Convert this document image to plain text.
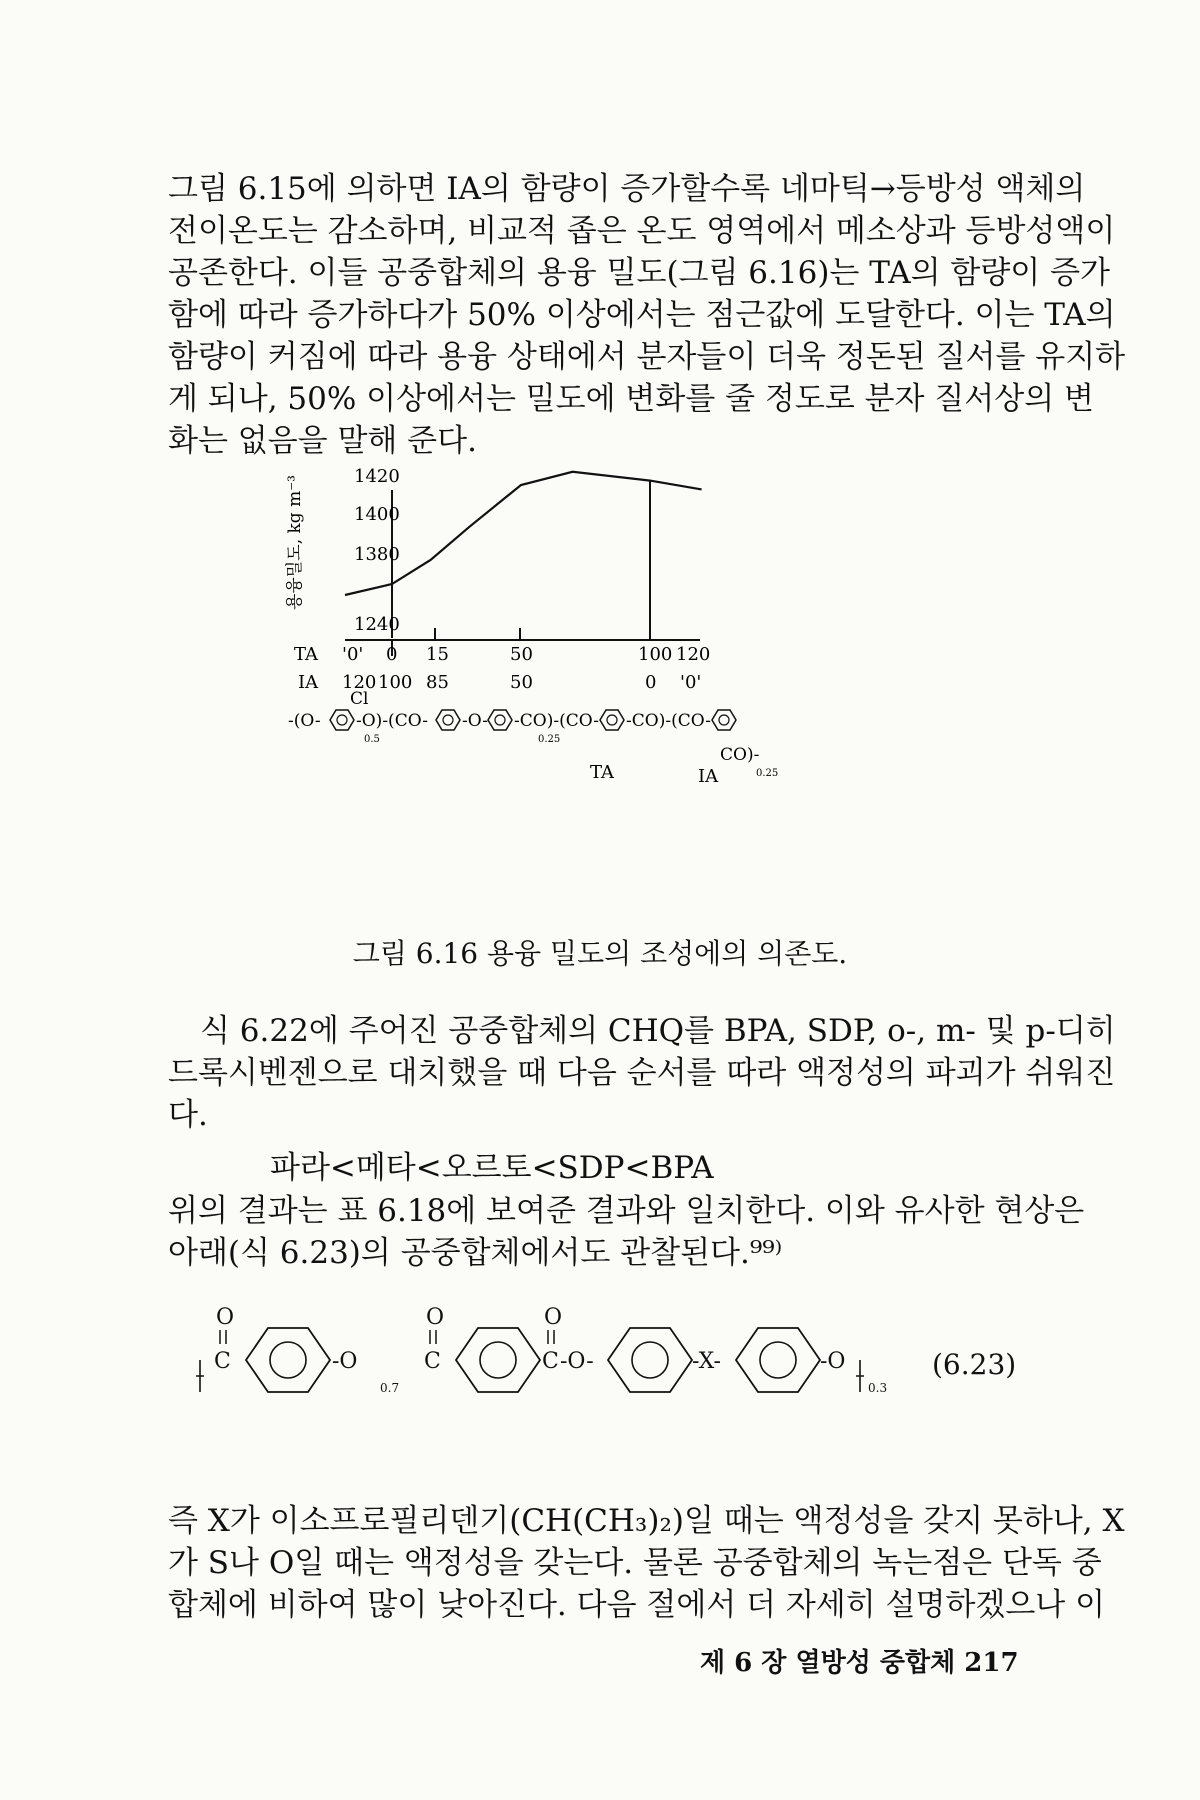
그림 6.15에 의하면 IA의 함량이 증가할수록 네마틱→등방성 액체의
전이온도는 감소하며, 비교적 좁은 온도 영역에서 메소상과 등방성액이
공존한다. 이들 공중합체의 용융 밀도(그림 6.16)는 TA의 함량이 증가
함에 따라 증가하다가 50% 이상에서는 점근값에 도달한다. 이는 TA의
함량이 커짐에 따라 용융 상태에서 분자들이 더욱 정돈된 질서를 유지하
게 되나, 50% 이상에서는 밀도에 변화를 줄 정도로 분자 질서상의 변
화는 없음을 말해 준다.
1420
1400
1380
1240
용융밀도, kg m⁻³
TA
IA
'0' 0 15	50	100 120
120 100 85	50	0 '0'
Cl
-(O- -O)-(CO- -O- -CO)-(CO- -CO)-(CO-
CO)-
0.5	0.25
0.25
TA	IA
그림 6.16 용융 밀도의 조성에의 의존도.
식 6.22에 주어진 공중합체의 CHQ를 BPA, SDP, o-, m- 및 p-디히
드록시벤젠으로 대치했을 때 다음 순서를 따라 액정성의 파괴가 쉬워진
다.
파라<메타<오르토<SDP<BPA
위의 결과는 표 6.18에 보여준 결과와 일치한다. 이와 유사한 현상은
아래(식 6.23)의 공중합체에서도 관찰된다.⁹⁹⁾
O
C	-O
0.7
O
C
O
C -O-	-X-	-O
0.3
(6.23)
즉 X가 이소프로필리덴기(CH(CH₃)₂)일 때는 액정성을 갖지 못하나, X
가 S나 O일 때는 액정성을 갖는다. 물론 공중합체의 녹는점은 단독 중
합체에 비하여 많이 낮아진다. 다음 절에서 더 자세히 설명하겠으나 이
제 6 장 열방성 중합체 217
